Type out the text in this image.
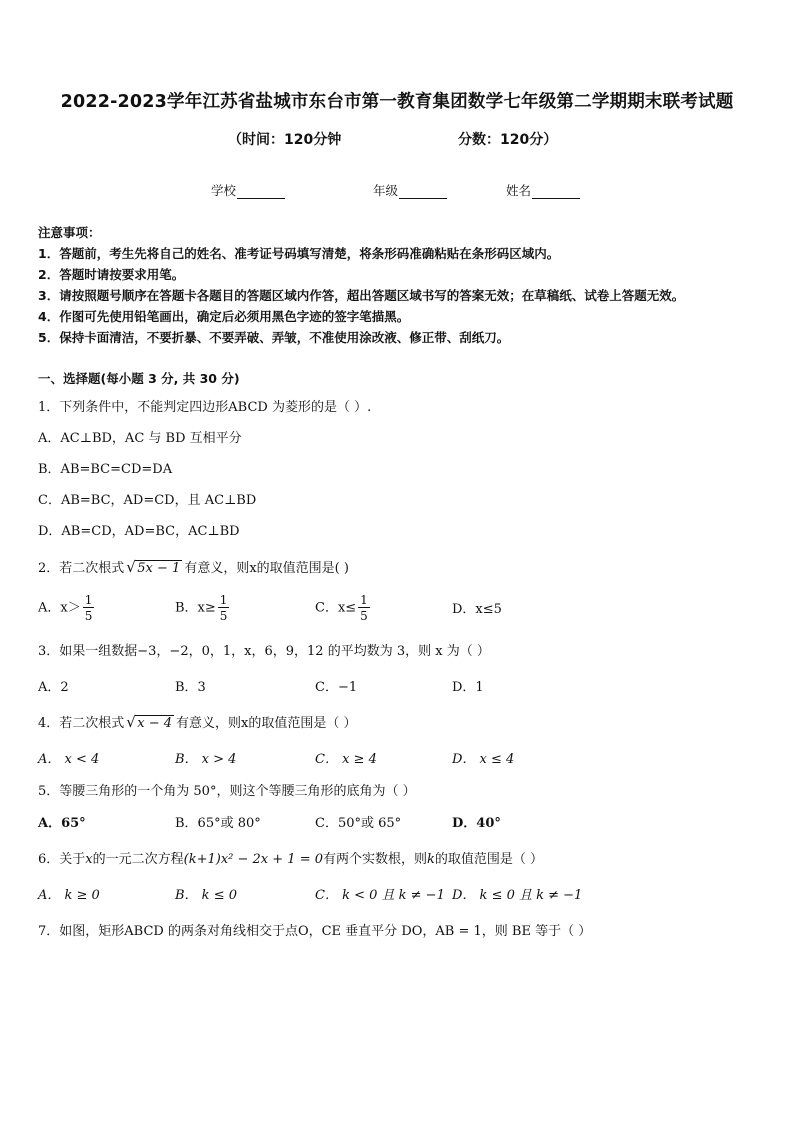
2022-2023学年江苏省盐城市东台市第一教育集团数学七年级第二学期期末联考试题
（时间：120分钟	分数：120分）
学校	年级	姓名
注意事项：
1．答题前，考生先将自己的姓名、准考证号码填写清楚，将条形码准确粘贴在条形码区域内。
2．答题时请按要求用笔。
3．请按照题号顺序在答题卡各题目的答题区域内作答，超出答题区域书写的答案无效；在草稿纸、试卷上答题无效。
4．作图可先使用铅笔画出，确定后必须用黑色字迹的签字笔描黑。
5．保持卡面清洁，不要折暴、不要弄破、弄皱，不准使用涂改液、修正带、刮纸刀。
一、选择题(每小题 3 分, 共 30 分)
1．下列条件中，不能判定四边形ABCD 为菱形的是（ ）.
A．AC⊥BD，AC 与 BD 互相平分
B．AB=BC=CD=DA
C．AB=BC，AD=CD，且 AC⊥BD
D．AB=CD，AD=BC，AC⊥BD
2．若二次根式 √ 5x − 1 有意义，则x的取值范围是( )
A．$x> \frac{1}{5}$	B．$x\ge \frac{1}{5}$	C．$x\le \frac{1}{5}$	D．x≤5
3．如果一组数据−3，−2，0，1，x，6，9，12 的平均数为 3，则 x 为（ ）
A．2	B．3	C．−1	D．1
4．若二次根式 √ x − 4 有意义，则x的取值范围是（ ）
A． x < 4	B． x > 4	C． x ≥ 4	D． x ≤ 4
5．等腰三角形的一个角为 50°，则这个等腰三角形的底角为（ ）
A．65°	B．65°或 80°	C．50°或 65°	D．40°
6．关于x的一元二次方程(k+1)x² − 2x + 1 = 0有两个实数根，则k的取值范围是（ ）
A． k ≥ 0	B． k ≤ 0	C． k < 0 且 k ≠ −1 D． k ≤ 0 且 k ≠ −1
7．如图，矩形ABCD 的两条对角线相交于点O，CE 垂直平分 DO，AB = 1，则 BE 等于（ ）
